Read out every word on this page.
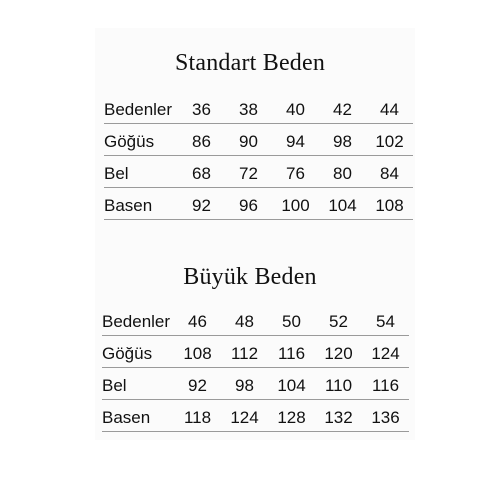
Standart Beden
Bedenler	36	38	40	42	44
Göğüs	86	90	94	98	102
Bel	68	72	76	80	84
Basen	92	96	100	104	108
Büyük Beden
Bedenler	46	48	50	52	54
Göğüs	108	112	116	120	124
Bel	92	98	104	110	116
Basen	118	124	128	132	136
